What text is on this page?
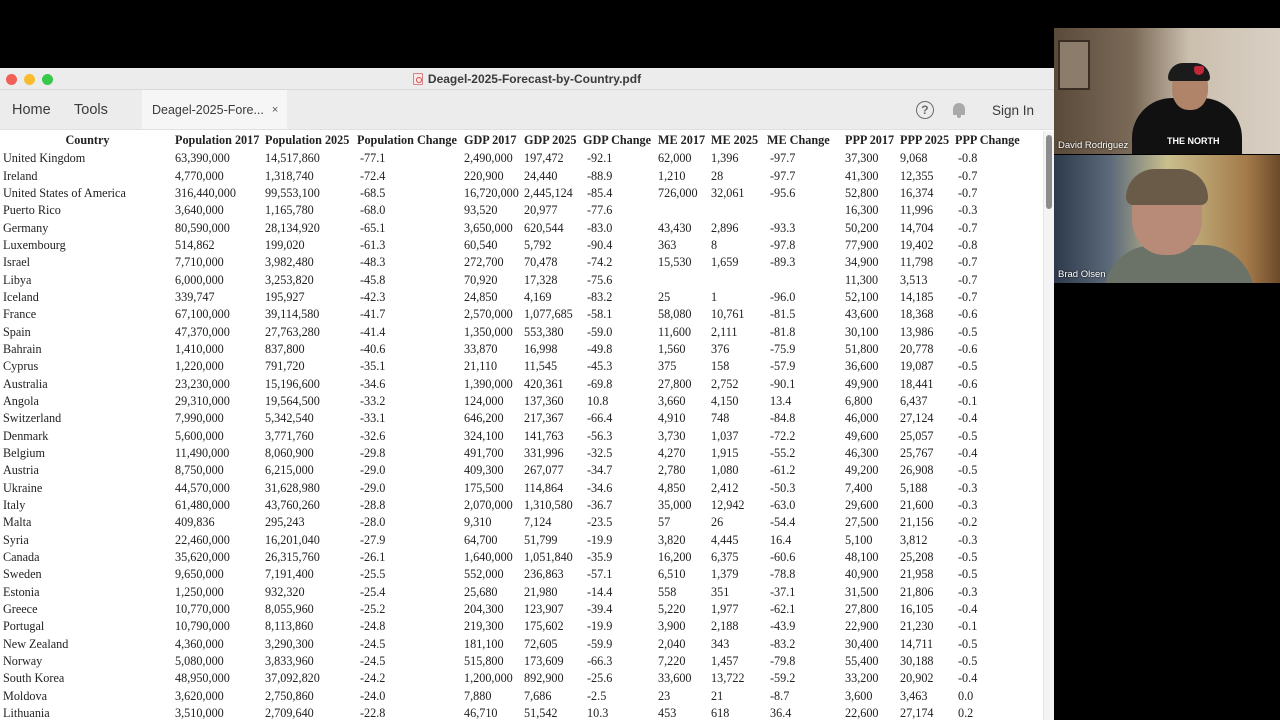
Deagel-2025-Forecast-by-Country.pdf
Home	Tools	Deagel-2025-Fore... ×	?	Sign In
Country	Population 2017	Population 2025	Population Change	GDP 2017	GDP 2025	GDP Change	ME 2017	ME 2025	ME Change	PPP 2017	PPP 2025	PPP Change
United Kingdom	63,390,000	14,517,860	-77.1	2,490,000	197,472	-92.1	62,000	1,396	-97.7	37,300	9,068	-0.8
Ireland	4,770,000	1,318,740	-72.4	220,900	24,440	-88.9	1,210	28	-97.7	41,300	12,355	-0.7
United States of America	316,440,000	99,553,100	-68.5	16,720,000	2,445,124	-85.4	726,000	32,061	-95.6	52,800	16,374	-0.7
Puerto Rico	3,640,000	1,165,780	-68.0	93,520	20,977	-77.6				16,300	11,996	-0.3
Germany	80,590,000	28,134,920	-65.1	3,650,000	620,544	-83.0	43,430	2,896	-93.3	50,200	14,704	-0.7
Luxembourg	514,862	199,020	-61.3	60,540	5,792	-90.4	363	8	-97.8	77,900	19,402	-0.8
Israel	7,710,000	3,982,480	-48.3	272,700	70,478	-74.2	15,530	1,659	-89.3	34,900	11,798	-0.7
Libya	6,000,000	3,253,820	-45.8	70,920	17,328	-75.6				11,300	3,513	-0.7
Iceland	339,747	195,927	-42.3	24,850	4,169	-83.2	25	1	-96.0	52,100	14,185	-0.7
France	67,100,000	39,114,580	-41.7	2,570,000	1,077,685	-58.1	58,080	10,761	-81.5	43,600	18,368	-0.6
Spain	47,370,000	27,763,280	-41.4	1,350,000	553,380	-59.0	11,600	2,111	-81.8	30,100	13,986	-0.5
Bahrain	1,410,000	837,800	-40.6	33,870	16,998	-49.8	1,560	376	-75.9	51,800	20,778	-0.6
Cyprus	1,220,000	791,720	-35.1	21,110	11,545	-45.3	375	158	-57.9	36,600	19,087	-0.5
Australia	23,230,000	15,196,600	-34.6	1,390,000	420,361	-69.8	27,800	2,752	-90.1	49,900	18,441	-0.6
Angola	29,310,000	19,564,500	-33.2	124,000	137,360	10.8	3,660	4,150	13.4	6,800	6,437	-0.1
Switzerland	7,990,000	5,342,540	-33.1	646,200	217,367	-66.4	4,910	748	-84.8	46,000	27,124	-0.4
Denmark	5,600,000	3,771,760	-32.6	324,100	141,763	-56.3	3,730	1,037	-72.2	49,600	25,057	-0.5
Belgium	11,490,000	8,060,900	-29.8	491,700	331,996	-32.5	4,270	1,915	-55.2	46,300	25,767	-0.4
Austria	8,750,000	6,215,000	-29.0	409,300	267,077	-34.7	2,780	1,080	-61.2	49,200	26,908	-0.5
Ukraine	44,570,000	31,628,980	-29.0	175,500	114,864	-34.6	4,850	2,412	-50.3	7,400	5,188	-0.3
Italy	61,480,000	43,760,260	-28.8	2,070,000	1,310,580	-36.7	35,000	12,942	-63.0	29,600	21,600	-0.3
Malta	409,836	295,243	-28.0	9,310	7,124	-23.5	57	26	-54.4	27,500	21,156	-0.2
Syria	22,460,000	16,201,040	-27.9	64,700	51,799	-19.9	3,820	4,445	16.4	5,100	3,812	-0.3
Canada	35,620,000	26,315,760	-26.1	1,640,000	1,051,840	-35.9	16,200	6,375	-60.6	48,100	25,208	-0.5
Sweden	9,650,000	7,191,400	-25.5	552,000	236,863	-57.1	6,510	1,379	-78.8	40,900	21,958	-0.5
Estonia	1,250,000	932,320	-25.4	25,680	21,980	-14.4	558	351	-37.1	31,500	21,806	-0.3
Greece	10,770,000	8,055,960	-25.2	204,300	123,907	-39.4	5,220	1,977	-62.1	27,800	16,105	-0.4
Portugal	10,790,000	8,113,860	-24.8	219,300	175,602	-19.9	3,900	2,188	-43.9	22,900	21,230	-0.1
New Zealand	4,360,000	3,290,300	-24.5	181,100	72,605	-59.9	2,040	343	-83.2	30,400	14,711	-0.5
Norway	5,080,000	3,833,960	-24.5	515,800	173,609	-66.3	7,220	1,457	-79.8	55,400	30,188	-0.5
South Korea	48,950,000	37,092,820	-24.2	1,200,000	892,900	-25.6	33,600	13,722	-59.2	33,200	20,902	-0.4
Moldova	3,620,000	2,750,860	-24.0	7,880	7,686	-2.5	23	21	-8.7	3,600	3,463	0.0
Lithuania	3,510,000	2,709,640	-22.8	46,710	51,542	10.3	453	618	36.4	22,600	27,174	0.2
THE NORTH
David Rodriguez
Brad Olsen
